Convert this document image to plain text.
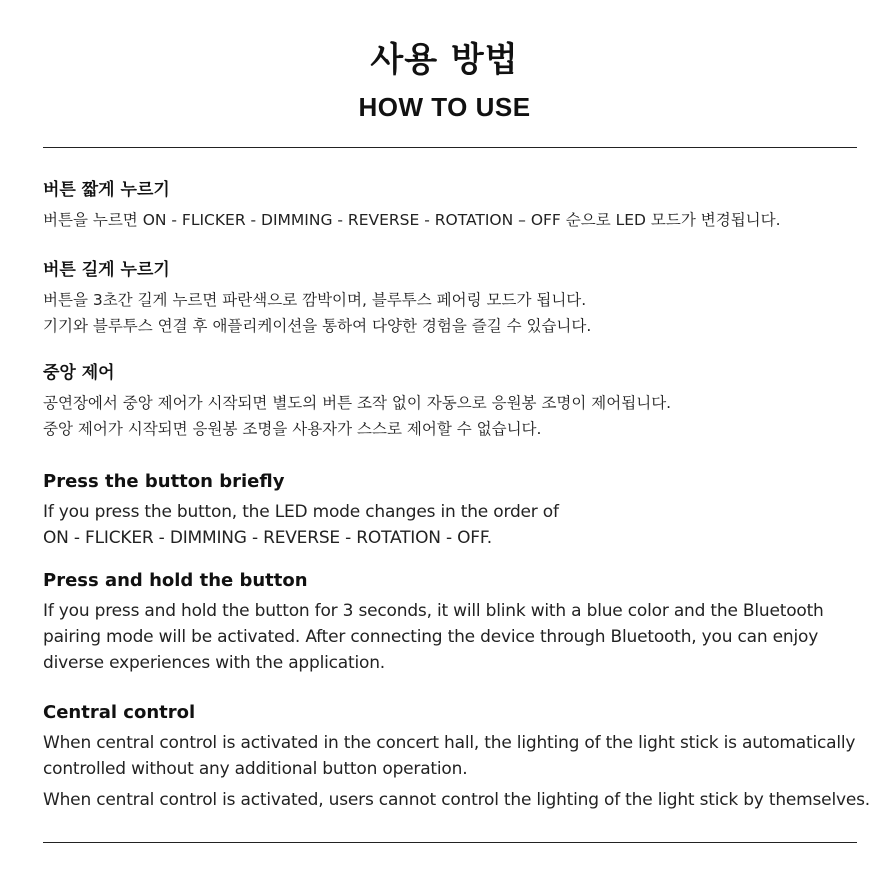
사용 방법
HOW TO USE
버튼 짧게 누르기
버튼을 누르면 ON - FLICKER - DIMMING - REVERSE - ROTATION – OFF 순으로 LED 모드가 변경됩니다.
버튼 길게 누르기
버튼을 3초간 길게 누르면 파란색으로 깜박이며, 블루투스 페어링 모드가 됩니다.
기기와 블루투스 연결 후 애플리케이션을 통하여 다양한 경험을 즐길 수 있습니다.
중앙 제어
공연장에서 중앙 제어가 시작되면 별도의 버튼 조작 없이 자동으로 응원봉 조명이 제어됩니다.
중앙 제어가 시작되면 응원봉 조명을 사용자가 스스로 제어할 수 없습니다.
Press the button briefly
If you press the button, the LED mode changes in the order of
ON - FLICKER - DIMMING - REVERSE - ROTATION - OFF.
Press and hold the button
If you press and hold the button for 3 seconds, it will blink with a blue color and the Bluetooth
pairing mode will be activated. After connecting the device through Bluetooth, you can enjoy
diverse experiences with the application.
Central control
When central control is activated in the concert hall, the lighting of the light stick is automatically
controlled without any additional button operation.
When central control is activated, users cannot control the lighting of the light stick by themselves.
